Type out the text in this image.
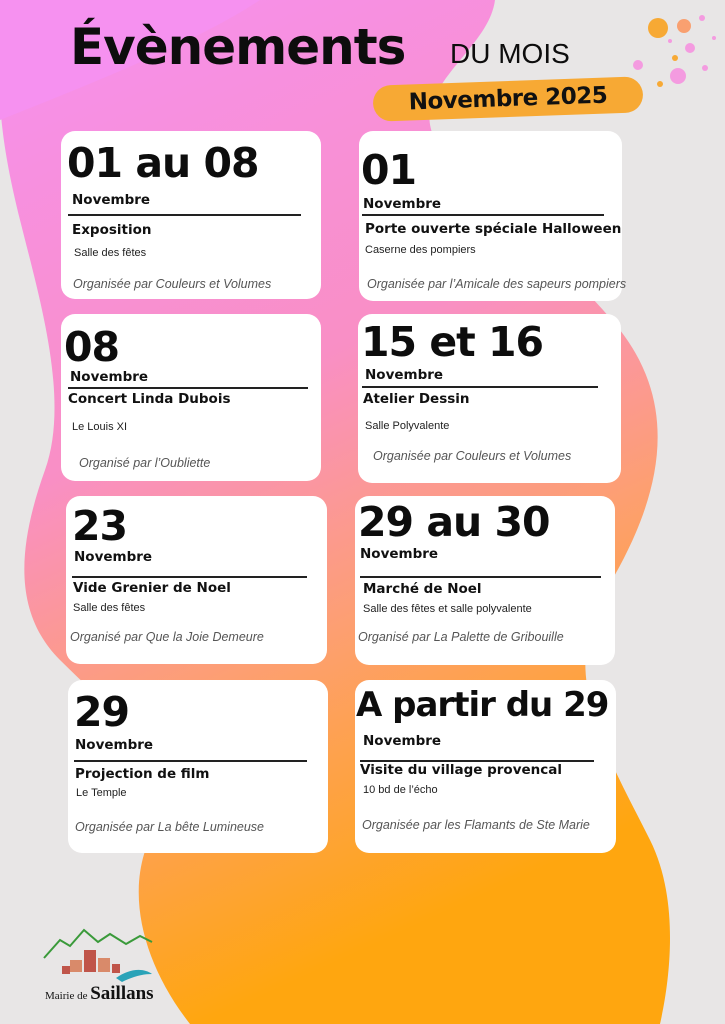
Évènements DU MOIS
Novembre 2025
01 au 08
Novembre
Exposition
Salle des fêtes
Organisée par Couleurs et Volumes
01
Novembre
Porte ouverte spéciale Halloween
Caserne des pompiers
Organisée par l’Amicale des sapeurs pompiers
08
Novembre
Concert Linda Dubois
Le Louis XI
Organisé par l’Oubliette
15 et 16
Novembre
Atelier Dessin
Salle Polyvalente
Organisée par Couleurs et Volumes
23
Novembre
Vide Grenier de Noel
Salle des fêtes
Organisé par Que la Joie Demeure
29 au 30
Novembre
Marché de Noel
Salle des fêtes et salle polyvalente
Organisé par La Palette de Gribouille
29
Novembre
Projection de film
Le Temple
Organisée par La bête Lumineuse
A partir du 29
Novembre
Visite du village provencal
10 bd de l’écho
Organisée par les Flamants de Ste Marie
Mairie de Saillans
